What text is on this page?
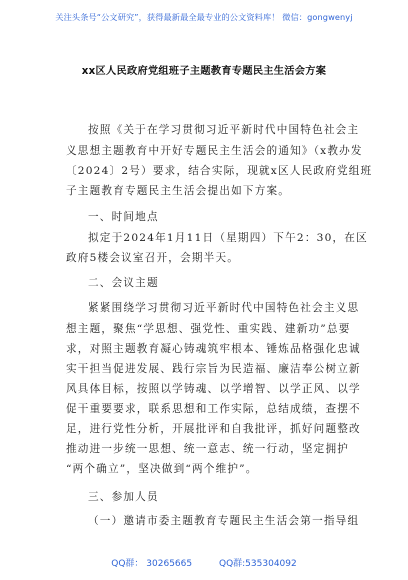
关注头条号“公文研究”，获得最新最全最专业的公文资料库！ 微信：gongwenyj
xx区人民政府党组班子主题教育专题民主生活会方案
按照《关于在学习贯彻习近平新时代中国特色社会主
义思想主题教育中开好专题民主生活会的通知》（x教办发
〔2024〕2号）要求，结合实际，现就x区人民政府党组班
子主题教育专题民主生活会提出如下方案。
一、时间地点
拟定于2024年1月11日（星期四）下午2：30，在区
政府5楼会议室召开，会期半天。
二、会议主题
紧紧围绕学习贯彻习近平新时代中国特色社会主义思
想主题，聚焦“学思想、强党性、重实践、建新功”总要
求，对照主题教育凝心铸魂筑牢根本、锤炼品格强化忠诚
实干担当促进发展、践行宗旨为民造福、廉洁奉公树立新
风具体目标，按照以学铸魂、以学增智、以学正风、以学
促干重要要求，联系思想和工作实际，总结成绩，查摆不
足，进行党性分析，开展批评和自我批评，抓好问题整改
推动进一步统一思想、统一意志、统一行动，坚定拥护
“两个确立”，坚决做到“两个维护”。
三、参加人员
（一）邀请市委主题教育专题民主生活会第一指导组
QQ群： 30265665	QQ群:535304092
